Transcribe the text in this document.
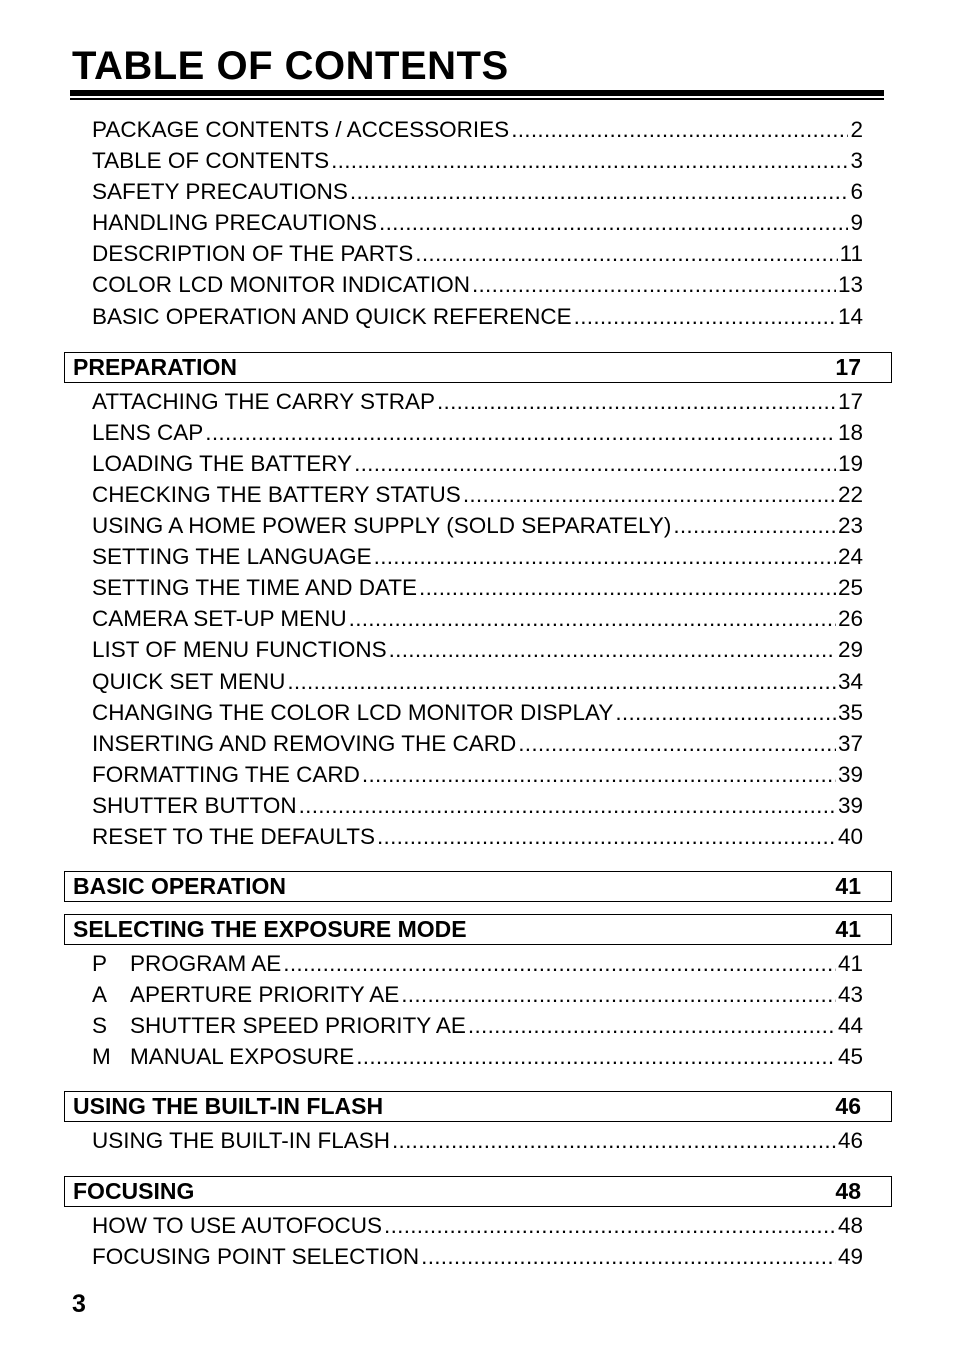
TABLE OF CONTENTS
PACKAGE CONTENTS / ACCESSORIES .....	2
TABLE OF CONTENTS .....	3
SAFETY PRECAUTIONS .....	6
HANDLING PRECAUTIONS .....	9
DESCRIPTION OF THE PARTS .....	11
COLOR LCD MONITOR INDICATION .....	13
BASIC OPERATION AND QUICK REFERENCE .....	14
PREPARATION	17
ATTACHING THE CARRY STRAP .....	17
LENS CAP .....	18
LOADING THE BATTERY .....	19
CHECKING THE BATTERY STATUS .....	22
USING A HOME POWER SUPPLY (SOLD SEPARATELY) .....	23
SETTING THE LANGUAGE .....	24
SETTING THE TIME AND DATE .....	25
CAMERA SET-UP MENU .....	26
LIST OF MENU FUNCTIONS .....	29
QUICK SET MENU .....	34
CHANGING THE COLOR LCD MONITOR DISPLAY .....	35
INSERTING AND REMOVING THE CARD .....	37
FORMATTING THE CARD .....	39
SHUTTER BUTTON .....	39
RESET TO THE DEFAULTS .....	40
BASIC OPERATION	41
SELECTING THE EXPOSURE MODE	41
P PROGRAM AE .....	41
A APERTURE PRIORITY AE .....	43
S SHUTTER SPEED PRIORITY AE .....	44
M MANUAL EXPOSURE .....	45
USING THE BUILT-IN FLASH	46
USING THE BUILT-IN FLASH .....	46
FOCUSING	48
HOW TO USE AUTOFOCUS .....	48
FOCUSING POINT SELECTION .....	49
3
